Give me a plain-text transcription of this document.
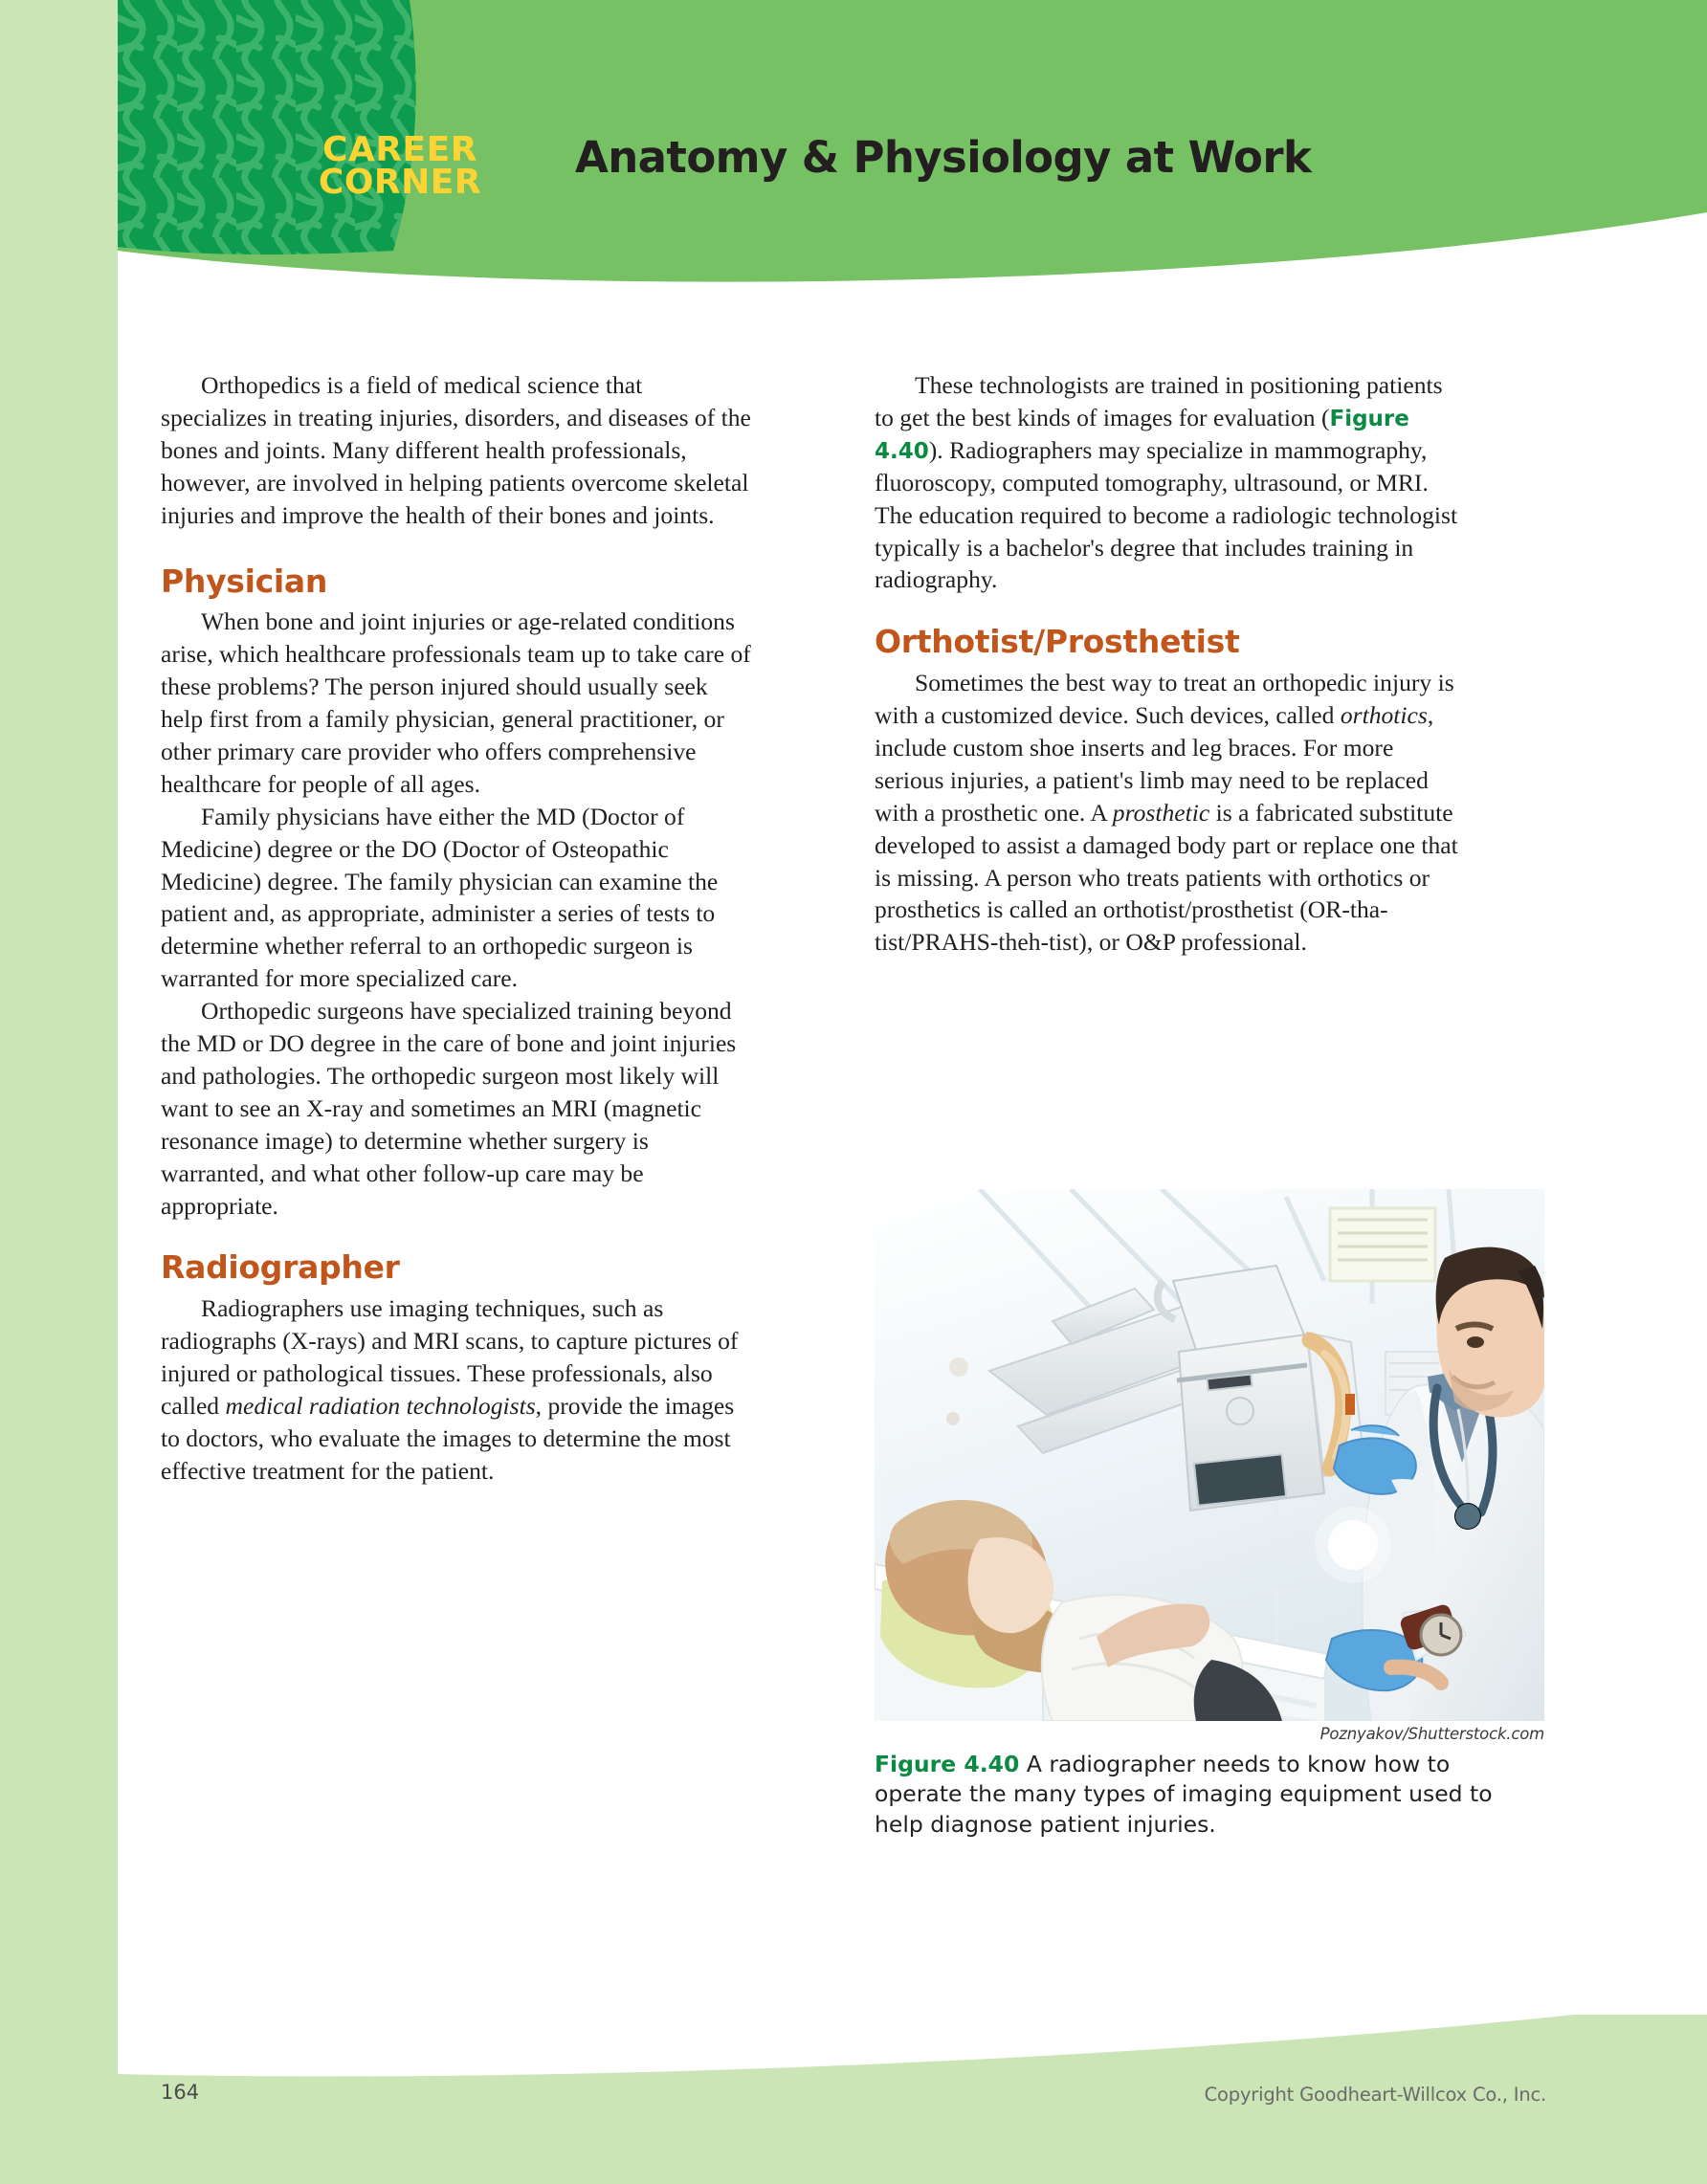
CAREER
CORNER	Anatomy & Physiology at Work

Orthopedics is a field of medical science that specializes in treating injuries, disorders, and diseases of the bones and joints. Many different health professionals, however, are involved in helping patients overcome skeletal injuries and improve the health of their bones and joints.

Physician

When bone and joint injuries or age-related conditions arise, which healthcare professionals team up to take care of these problems? The person injured should usually seek help first from a family physician, general practitioner, or other primary care provider who offers comprehensive healthcare for people of all ages.

Family physicians have either the MD (Doctor of Medicine) degree or the DO (Doctor of Osteopathic Medicine) degree. The family physician can examine the patient and, as appropriate, administer a series of tests to determine whether referral to an orthopedic surgeon is warranted for more specialized care.

Orthopedic surgeons have specialized training beyond the MD or DO degree in the care of bone and joint injuries and pathologies. The orthopedic surgeon most likely will want to see an X-ray and sometimes an MRI (magnetic resonance image) to determine whether surgery is warranted, and what other follow-up care may be appropriate.

Radiographer

Radiographers use imaging techniques, such as radiographs (X-rays) and MRI scans, to capture pictures of injured or pathological tissues. These professionals, also called medical radiation technologists, provide the images to doctors, who evaluate the images to determine the most effective treatment for the patient.

These technologists are trained in positioning patients to get the best kinds of images for evaluation (Figure 4.40). Radiographers may specialize in mammography, fluoroscopy, computed tomography, ultrasound, or MRI. The education required to become a radiologic technologist typically is a bachelor's degree that includes training in radiography.

Orthotist/Prosthetist

Sometimes the best way to treat an orthopedic injury is with a customized device. Such devices, called orthotics, include custom shoe inserts and leg braces. For more serious injuries, a patient's limb may need to be replaced with a prosthetic one. A prosthetic is a fabricated substitute developed to assist a damaged body part or replace one that is missing. A person who treats patients with orthotics or prosthetics is called an orthotist/prosthetist (OR-tha-tist/PRAHS-theh-tist), or O&P professional.

Poznyakov/Shutterstock.com
Figure 4.40 A radiographer needs to know how to operate the many types of imaging equipment used to help diagnose patient injuries.
164	Copyright Goodheart-Willcox Co., Inc.
